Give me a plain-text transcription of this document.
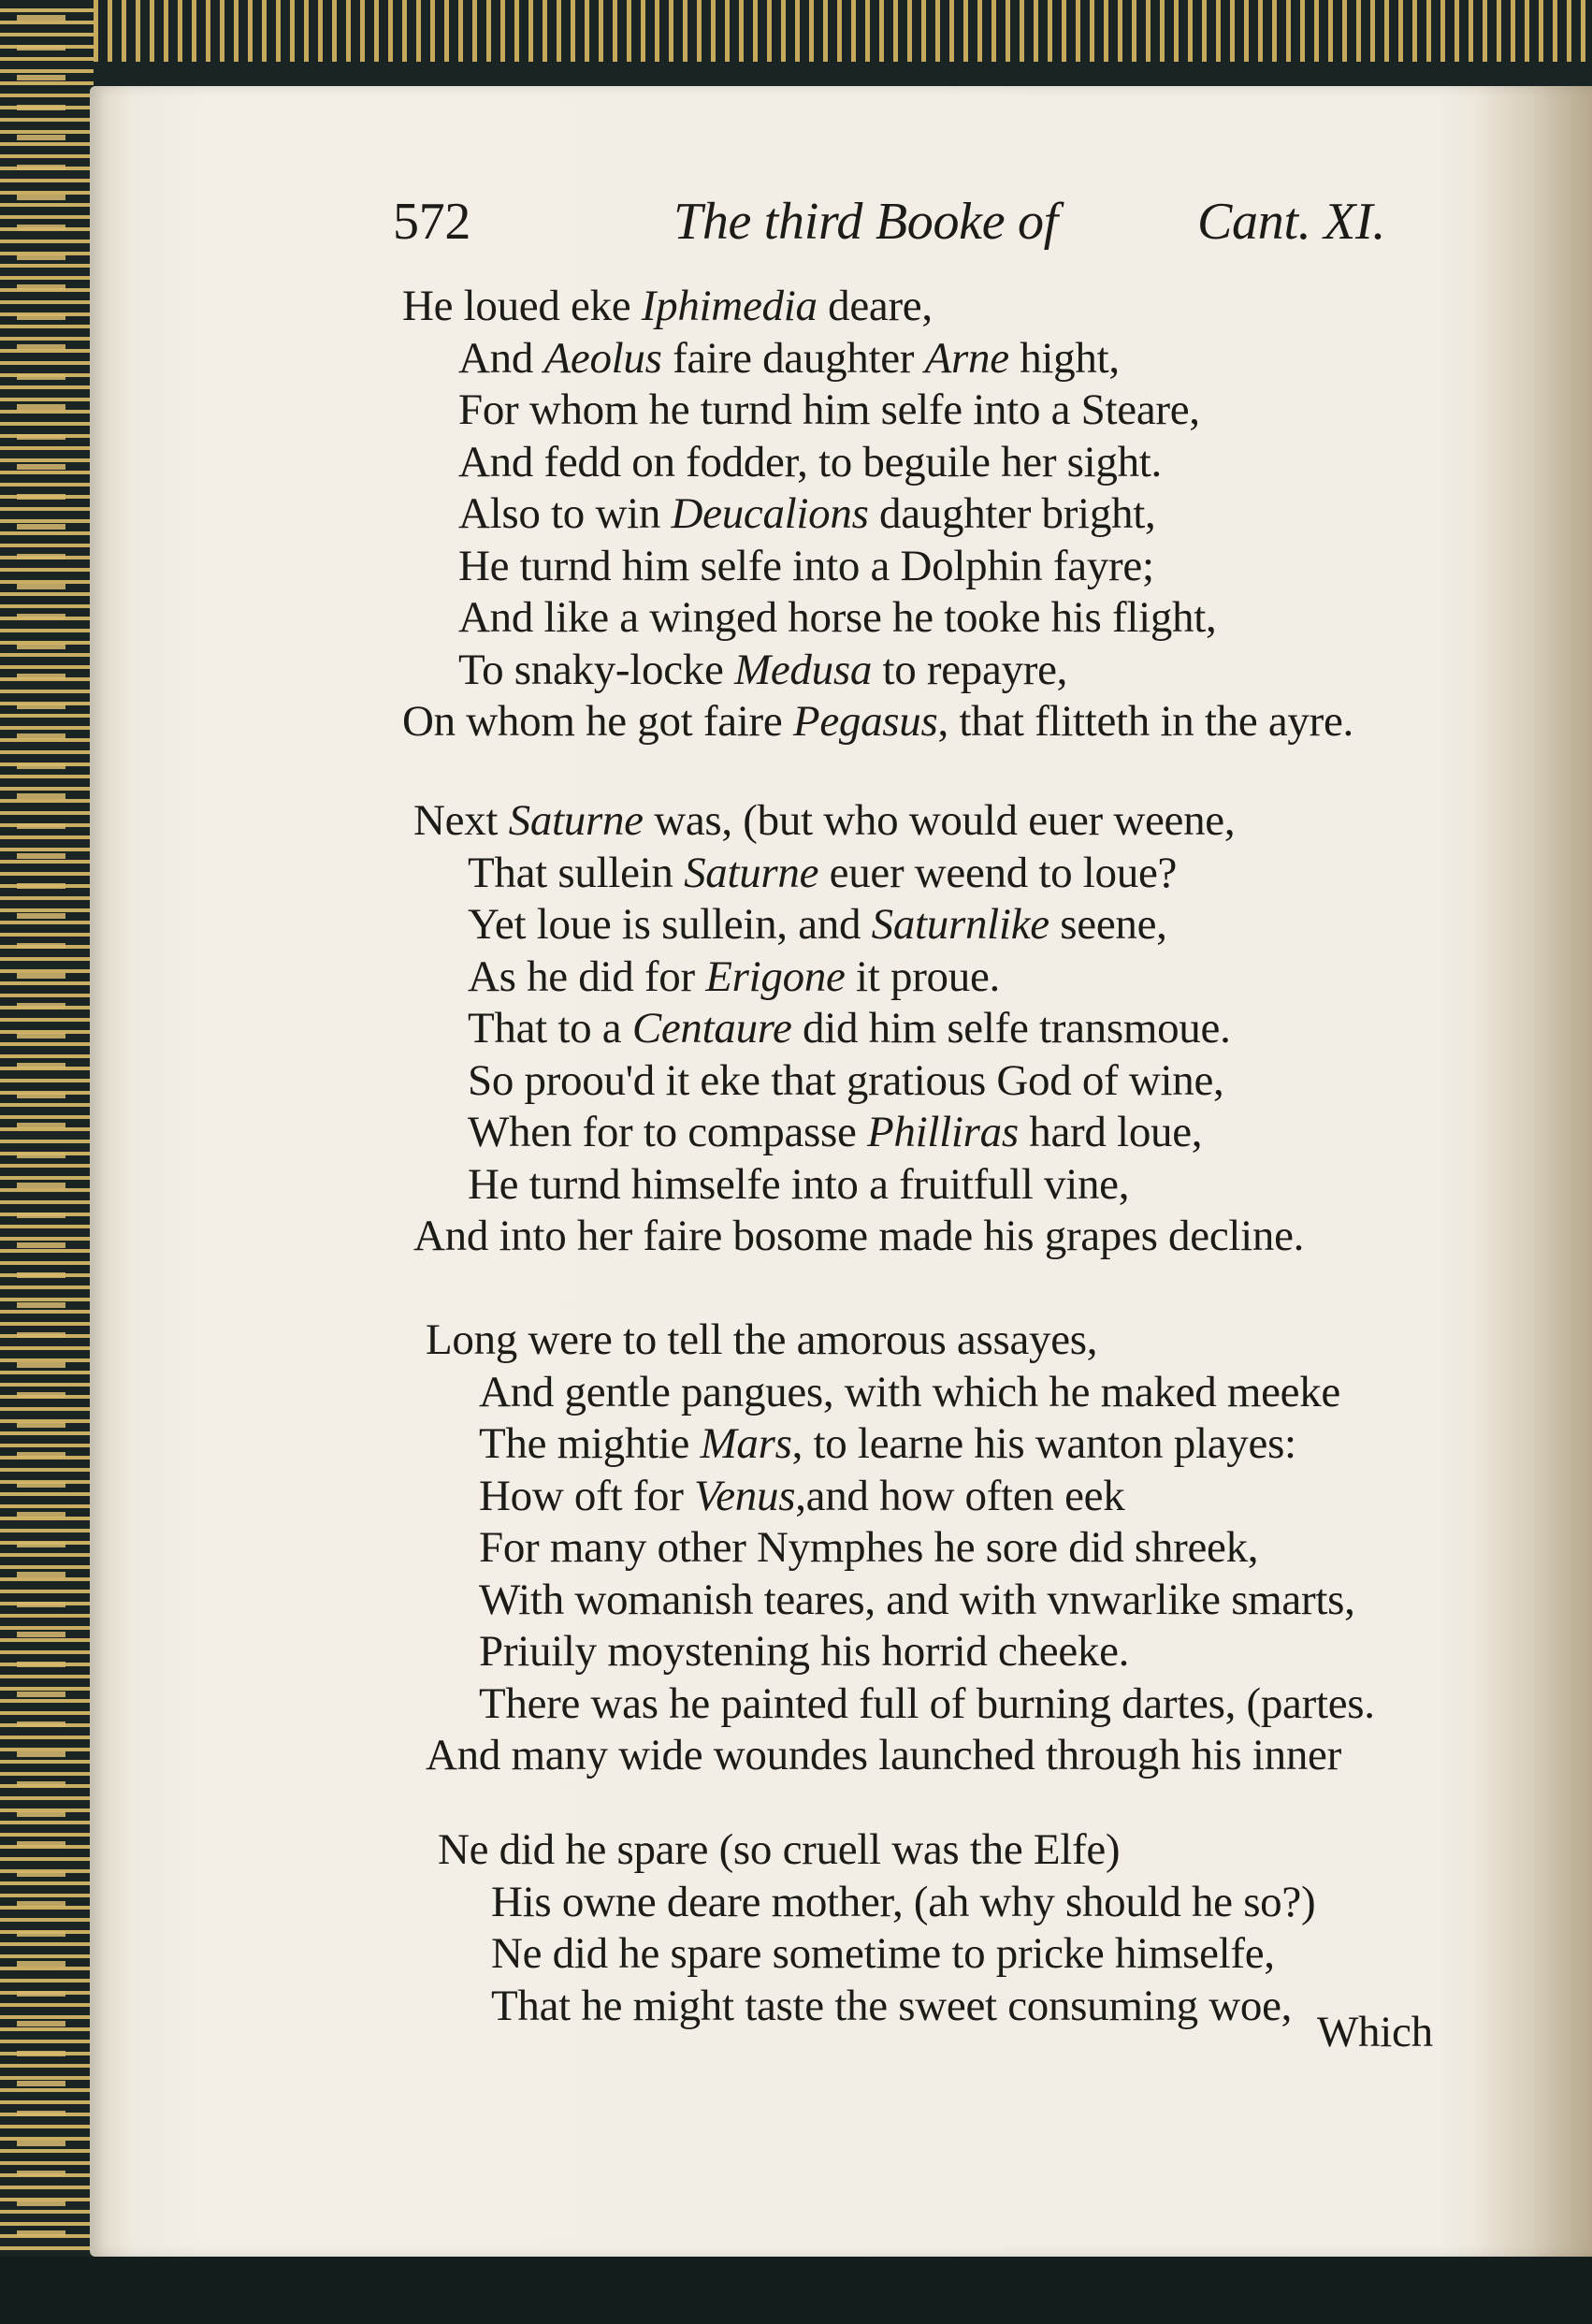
572	The third Booke of	Cant. XI.
He loued eke Iphimedia deare,
And Aeolus faire daughter Arne hight,
For whom he turnd him selfe into a Steare,
And fedd on fodder, to beguile her sight.
Also to win Deucalions daughter bright,
He turnd him selfe into a Dolphin fayre;
And like a winged horse he tooke his flight,
To snaky-locke Medusa to repayre,
On whom he got faire Pegasus, that flitteth in the ayre.
Next Saturne was, (but who would euer weene,
That sullein Saturne euer weend to loue?
Yet loue is sullein, and Saturnlike seene,
As he did for Erigone it proue.
That to a Centaure did him selfe transmoue.
So proou'd it eke that gratious God of wine,
When for to compasse Philliras hard loue,
He turnd himselfe into a fruitfull vine,
And into her faire bosome made his grapes decline.
Long were to tell the amorous assayes,
And gentle pangues, with which he maked meeke
The mightie Mars, to learne his wanton playes:
How oft for Venus,and how often eek
For many other Nymphes he sore did shreek,
With womanish teares, and with vnwarlike smarts,
Priuily moystening his horrid cheeke.
There was he painted full of burning dartes, (partes.
And many wide woundes launched through his inner
Ne did he spare (so cruell was the Elfe)
His owne deare mother, (ah why should he so?)
Ne did he spare sometime to pricke himselfe,
That he might taste the sweet consuming woe,
Which
